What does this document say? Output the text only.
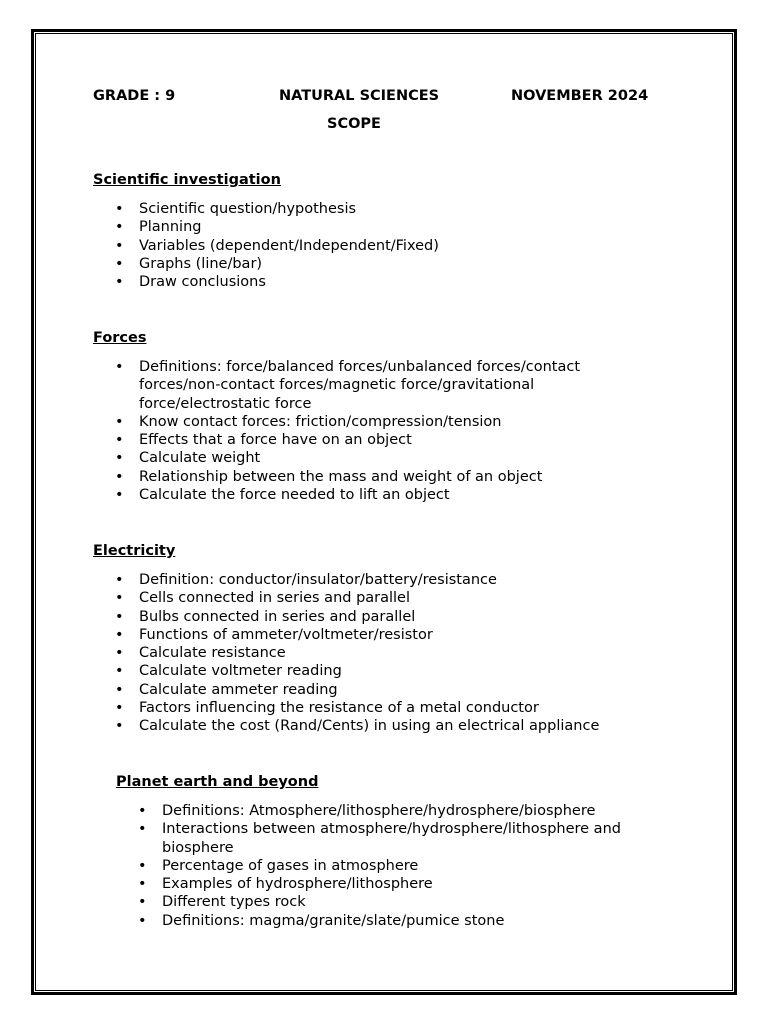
GRADE : 9	NATURAL SCIENCES	NOVEMBER 2024
SCOPE
Scientific investigation
• Scientific question/hypothesis
• Planning
• Variables (dependent/Independent/Fixed)
• Graphs (line/bar)
• Draw conclusions
Forces
• Definitions: force/balanced forces/unbalanced forces/contact forces/non-contact forces/magnetic force/gravitational force/electrostatic force
• Know contact forces: friction/compression/tension
• Effects that a force have on an object
• Calculate weight
• Relationship between the mass and weight of an object
• Calculate the force needed to lift an object
Electricity
• Definition: conductor/insulator/battery/resistance
• Cells connected in series and parallel
• Bulbs connected in series and parallel
• Functions of ammeter/voltmeter/resistor
• Calculate resistance
• Calculate voltmeter reading
• Calculate ammeter reading
• Factors influencing the resistance of a metal conductor
• Calculate the cost (Rand/Cents) in using an electrical appliance
Planet earth and beyond
• Definitions: Atmosphere/lithosphere/hydrosphere/biosphere
• Interactions between atmosphere/hydrosphere/lithosphere and biosphere
• Percentage of gases in atmosphere
• Examples of hydrosphere/lithosphere
• Different types rock
• Definitions: magma/granite/slate/pumice stone
